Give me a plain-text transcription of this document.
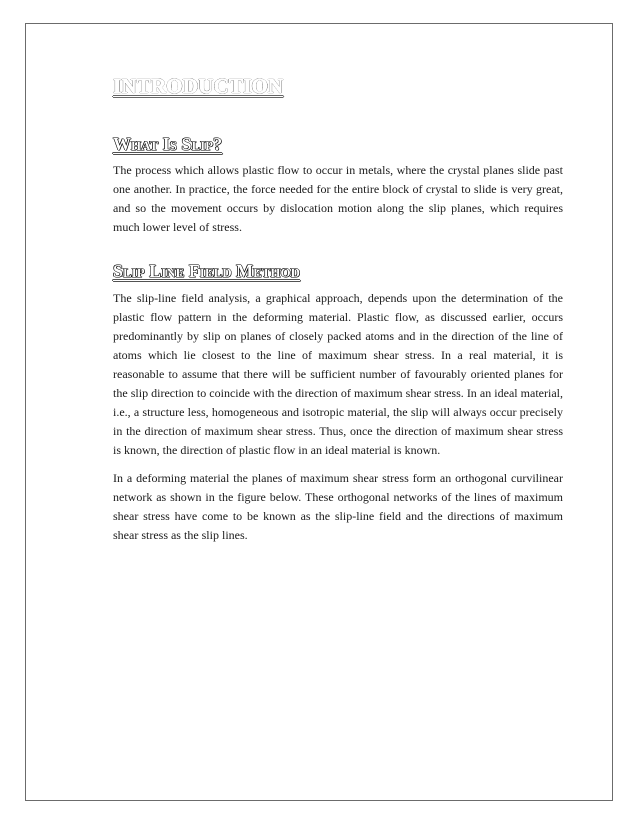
INTRODUCTION
What Is Slip?

The process which allows plastic flow to occur in metals, where the crystal planes slide past one another. In practice, the force needed for the entire block of crystal to slide is very great, and so the movement occurs by dislocation motion along the slip planes, which requires much lower level of stress.

Slip Line Field Method

The slip-line field analysis, a graphical approach, depends upon the determination of the plastic flow pattern in the deforming material. Plastic flow, as discussed earlier, occurs predominantly by slip on planes of closely packed atoms and in the direction of the line of atoms which lie closest to the line of maximum shear stress. In a real material, it is reasonable to assume that there will be sufficient number of favourably oriented planes for the slip direction to coincide with the direction of maximum shear stress. In an ideal material, i.e., a structure less, homogeneous and isotropic material, the slip will always occur precisely in the direction of maximum shear stress. Thus, once the direction of maximum shear stress is known, the direction of plastic flow in an ideal material is known.

In a deforming material the planes of maximum shear stress form an orthogonal curvilinear network as shown in the figure below. These orthogonal networks of the lines of maximum shear stress have come to be known as the slip-line field and the directions of maximum shear stress as the slip lines.
